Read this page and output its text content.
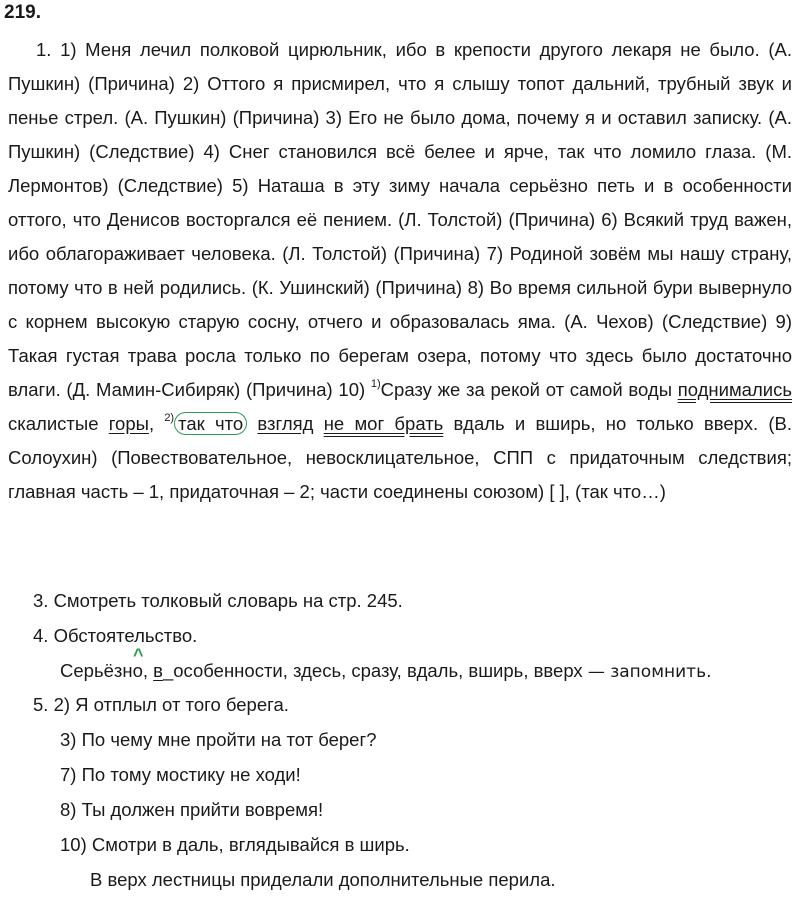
219.

1. 1) Меня лечил полковой цирюльник, ибо в крепости другого лекаря не было. (А. Пушкин) (Причина) 2) Оттого я присмирел, что я слышу топот дальний, трубный звук и пенье стрел. (А. Пушкин) (Причина) 3) Его не было дома, почему я и оставил записку. (А. Пушкин) (Следствие) 4) Снег становился всё белее и ярче, так что ломило глаза. (М. Лермонтов) (Следствие) 5) Наташа в эту зиму начала серьёзно петь и в особенности оттого, что Денисов восторгался её пением. (Л. Толстой) (Причина) 6) Всякий труд важен, ибо облагораживает человека. (Л. Толстой) (Причина) 7) Родиной зовём мы нашу страну, потому что в ней родились. (К. Ушинский) (Причина) 8) Во время сильной бури вывернуло с корнем высокую старую сосну, отчего и образовалась яма. (А. Чехов) (Следствие) 9) Такая густая трава росла только по берегам озера, потому что здесь было достаточно влаги. (Д. Мамин-Сибиряк) (Причина) 10) $^{1)}$Сразу же за рекой от самой воды поднимались скалистые горы, $^{2)}$ так что взгляд не мог брать вдаль и вширь, но только вверх. (В. Солоухин) (Повествовательное, невосклицательное, СПП с придаточным следствия; главная часть – 1, придаточная – 2; части соединены союзом) [ ], (так что…)

3. Смотреть толковый словарь на стр. 245.
4. Обстоятельство.
^
Серьёзно, в_особенности, здесь, сразу, вдаль, вширь, вверх — запомнить.
5. 2) Я отплыл от того берега.
3) По чему мне пройти на тот берег?
7) По тому мостику не ходи!
8) Ты должен прийти вовремя!
10) Смотри в даль, вглядывайся в ширь.
В верх лестницы приделали дополнительные перила.
